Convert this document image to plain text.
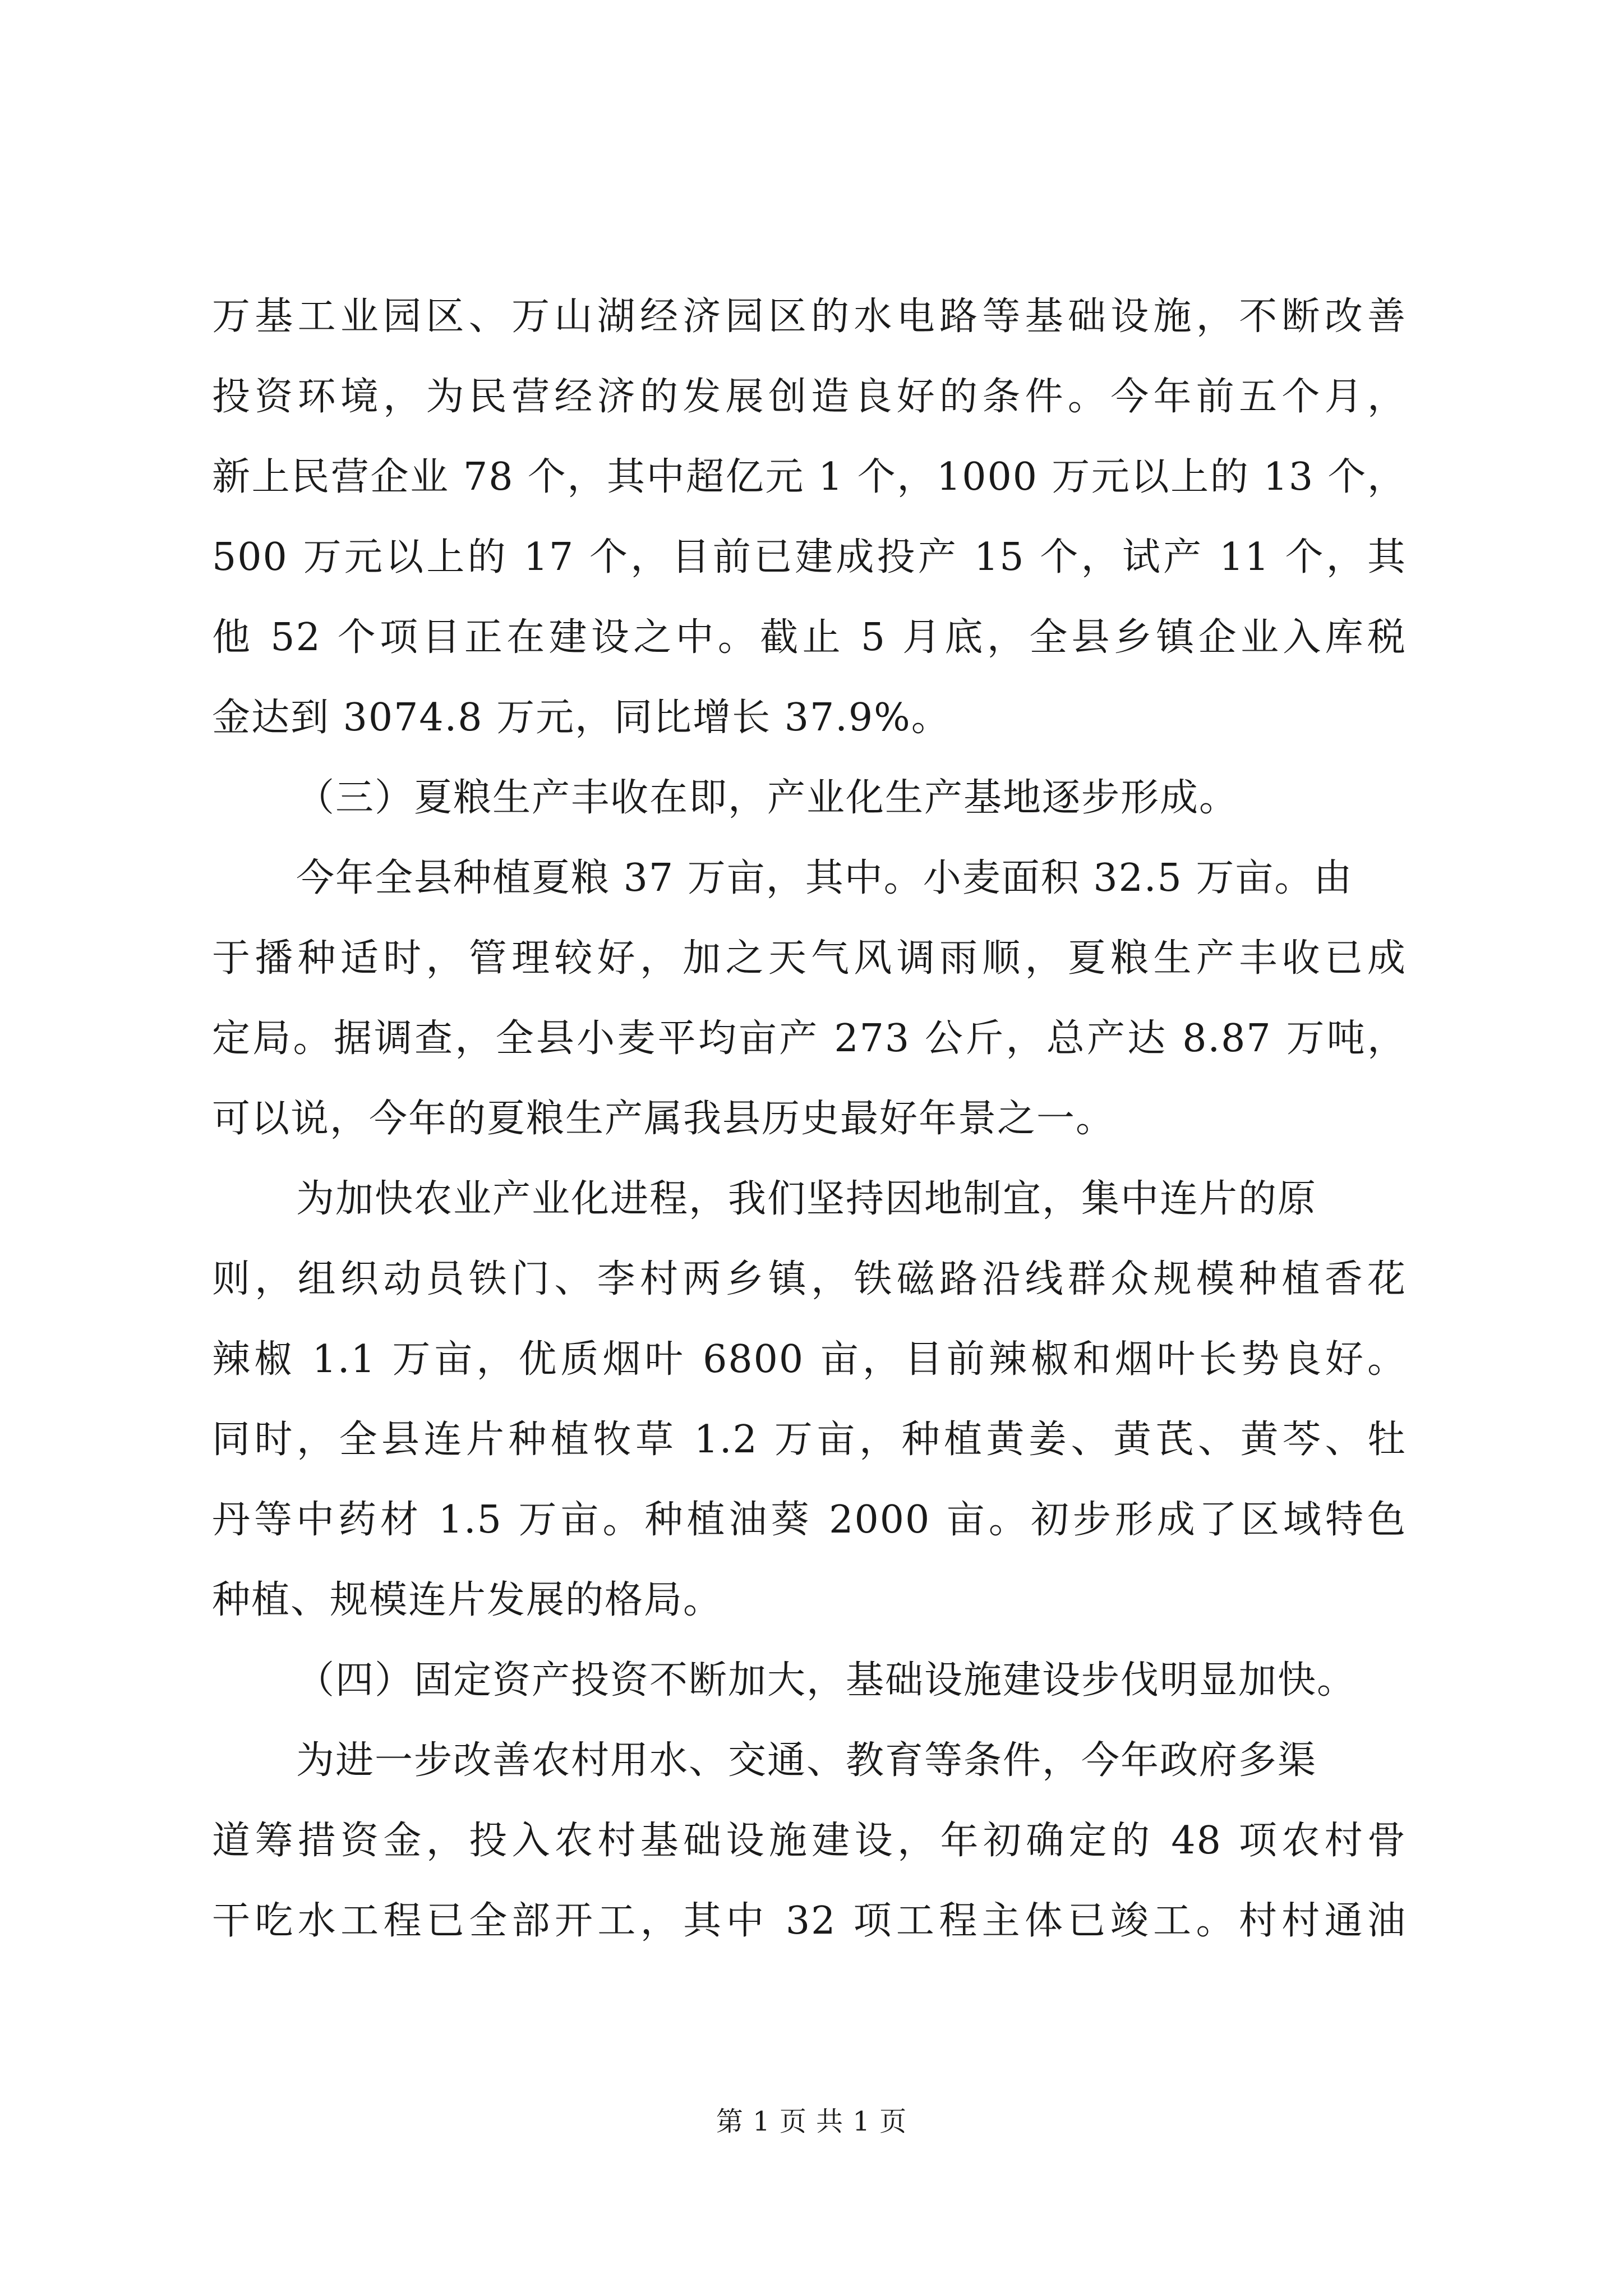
万基工业园区、万山湖经济园区的水电路等基础设施，不断改善
投资环境，为民营经济的发展创造良好的条件。今年前五个月，
新上民营企业 78 个，其中超亿元 1 个，1000 万元以上的 13 个，
500 万元以上的 17 个，目前已建成投产 15 个，试产 11 个，其
他 52 个项目正在建设之中。截止 5 月底，全县乡镇企业入库税
金达到 3074.8 万元，同比增长 37.9%。
（三）夏粮生产丰收在即，产业化生产基地逐步形成。
今年全县种植夏粮 37 万亩，其中。小麦面积 32.5 万亩。由
于播种适时，管理较好，加之天气风调雨顺，夏粮生产丰收已成
定局。据调查，全县小麦平均亩产 273 公斤，总产达 8.87 万吨，
可以说，今年的夏粮生产属我县历史最好年景之一。
为加快农业产业化进程，我们坚持因地制宜，集中连片的原
则，组织动员铁门、李村两乡镇，铁磁路沿线群众规模种植香花
辣椒 1.1 万亩，优质烟叶 6800 亩，目前辣椒和烟叶长势良好。
同时，全县连片种植牧草 1.2 万亩，种植黄姜、黄芪、黄芩、牡
丹等中药材 1.5 万亩。种植油葵 2000 亩。初步形成了区域特色
种植、规模连片发展的格局。
（四）固定资产投资不断加大，基础设施建设步伐明显加快。
为进一步改善农村用水、交通、教育等条件，今年政府多渠
道筹措资金，投入农村基础设施建设，年初确定的 48 项农村骨
干吃水工程已全部开工，其中 32 项工程主体已竣工。村村通油
第 1 页 共 1 页
